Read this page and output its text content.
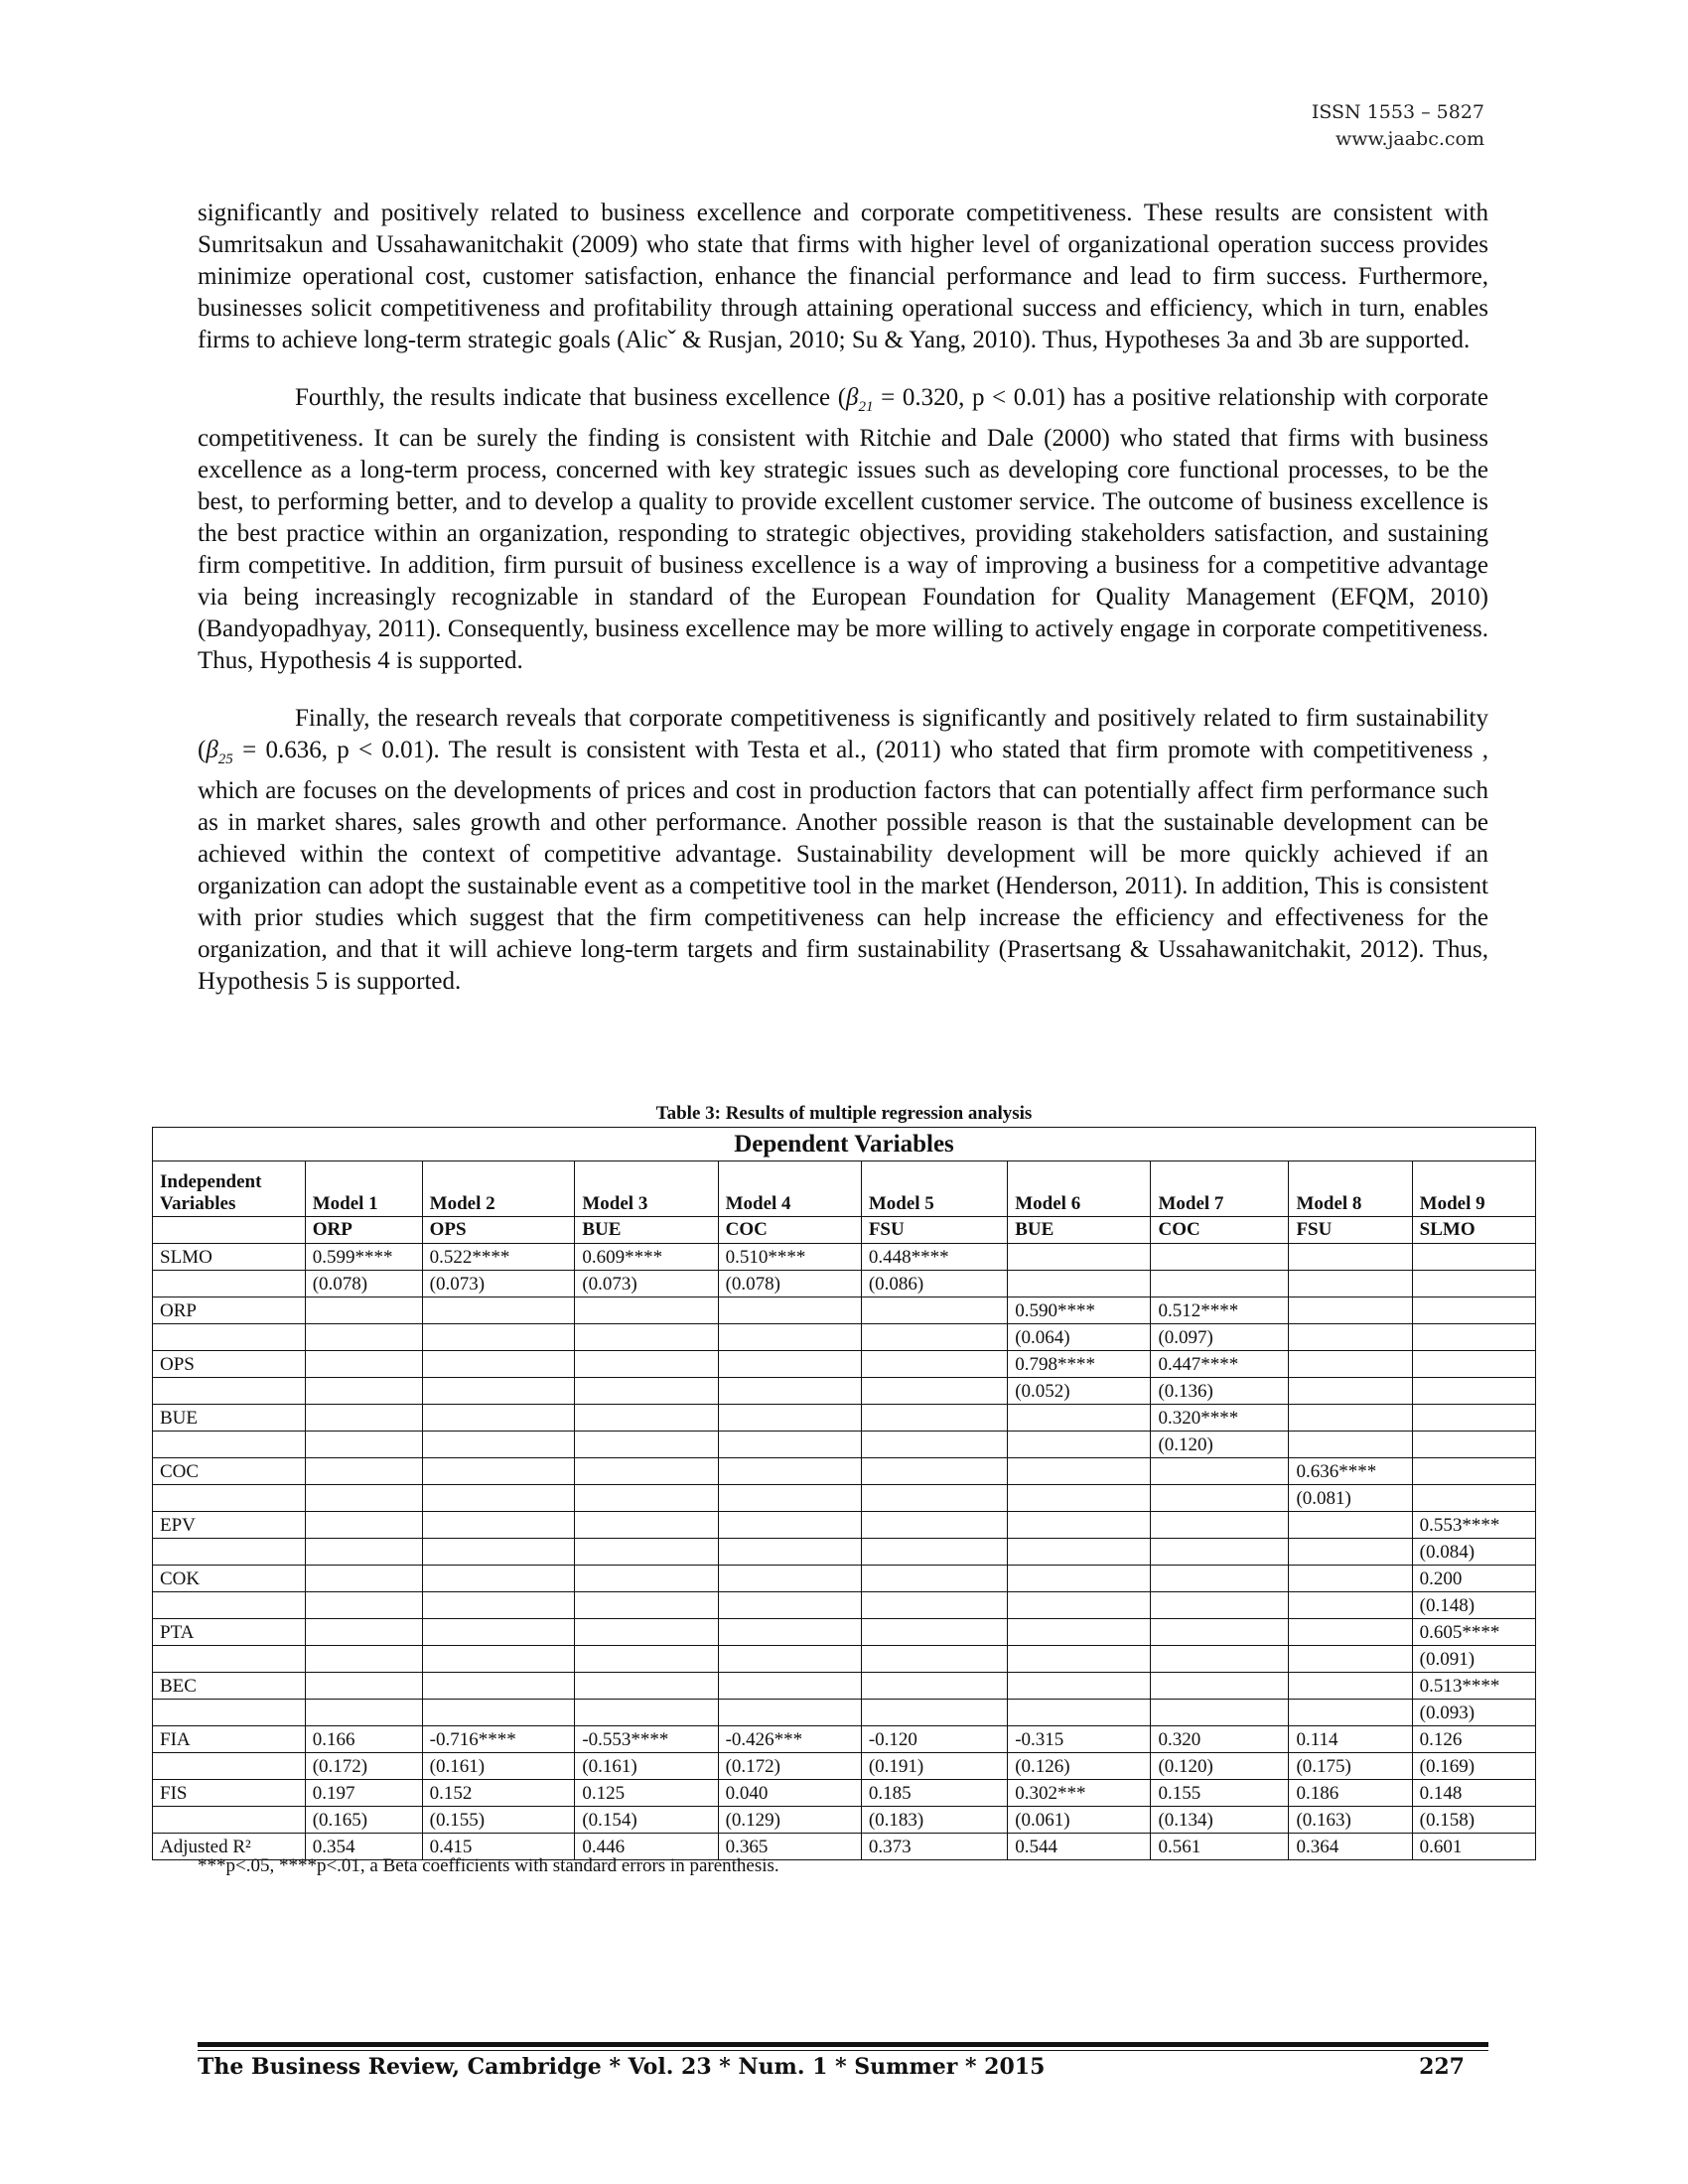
ISSN 1553 – 5827
www.jaabc.com

significantly and positively related to business excellence and corporate competitiveness. These results are consistent with Sumritsakun and Ussahawanitchakit (2009) who state that firms with higher level of organizational operation success provides minimize operational cost, customer satisfaction, enhance the financial performance and lead to firm success. Furthermore, businesses solicit competitiveness and profitability through attaining operational success and efficiency, which in turn, enables firms to achieve long-term strategic goals (Alicˇ & Rusjan, 2010; Su & Yang, 2010). Thus, Hypotheses 3a and 3b are supported.

Fourthly, the results indicate that business excellence ($\beta_{21} = 0.320$, p < 0.01) has a positive relationship with corporate competitiveness. It can be surely the finding is consistent with Ritchie and Dale (2000) who stated that firms with business excellence as a long-term process, concerned with key strategic issues such as developing core functional processes, to be the best, to performing better, and to develop a quality to provide excellent customer service. The outcome of business excellence is the best practice within an organization, responding to strategic objectives, providing stakeholders satisfaction, and sustaining firm competitive. In addition, firm pursuit of business excellence is a way of improving a business for a competitive advantage via being increasingly recognizable in standard of the European Foundation for Quality Management (EFQM, 2010) (Bandyopadhyay, 2011). Consequently, business excellence may be more willing to actively engage in corporate competitiveness. Thus, Hypothesis 4 is supported.

Finally, the research reveals that corporate competitiveness is significantly and positively related to firm sustainability ($\beta_{25} = 0.636$, p < 0.01). The result is consistent with Testa et al., (2011) who stated that firm promote with competitiveness , which are focuses on the developments of prices and cost in production factors that can potentially affect firm performance such as in market shares, sales growth and other performance. Another possible reason is that the sustainable development can be achieved within the context of competitive advantage. Sustainability development will be more quickly achieved if an organization can adopt the sustainable event as a competitive tool in the market (Henderson, 2011). In addition, This is consistent with prior studies which suggest that the firm competitiveness can help increase the efficiency and effectiveness for the organization, and that it will achieve long-term targets and firm sustainability (Prasertsang & Ussahawanitchakit, 2012). Thus, Hypothesis 5 is supported.

Table 3: Results of multiple regression analysis
Dependent Variables									
Independent Variables	Model 1	Model 2	Model 3	Model 4	Model 5	Model 6	Model 7	Model 8	Model 9
	ORP	OPS	BUE	COC	FSU	BUE	COC	FSU	SLMO
SLMO	0.599****	0.522****	0.609****	0.510****	0.448****				
	(0.078)	(0.073)	(0.073)	(0.078)	(0.086)				
ORP						0.590****	0.512****		
						(0.064)	(0.097)		
OPS						0.798****	0.447****		
						(0.052)	(0.136)		
BUE							0.320****		
							(0.120)		
COC								0.636****	
								(0.081)	
EPV									0.553****
									(0.084)
COK									0.200
									(0.148)
PTA									0.605****
									(0.091)
BEC									0.513****
									(0.093)
FIA	0.166	-0.716****	-0.553****	-0.426***	-0.120	-0.315	0.320	0.114	0.126
	(0.172)	(0.161)	(0.161)	(0.172)	(0.191)	(0.126)	(0.120)	(0.175)	(0.169)
FIS	0.197	0.152	0.125	0.040	0.185	0.302***	0.155	0.186	0.148
	(0.165)	(0.155)	(0.154)	(0.129)	(0.183)	(0.061)	(0.134)	(0.163)	(0.158)
Adjusted R²	0.354	0.415	0.446	0.365	0.373	0.544	0.561	0.364	0.601
***p<.05, ****p<.01, a Beta coefficients with standard errors in parenthesis.
The Business Review, Cambridge * Vol. 23 * Num. 1 * Summer * 2015	227
